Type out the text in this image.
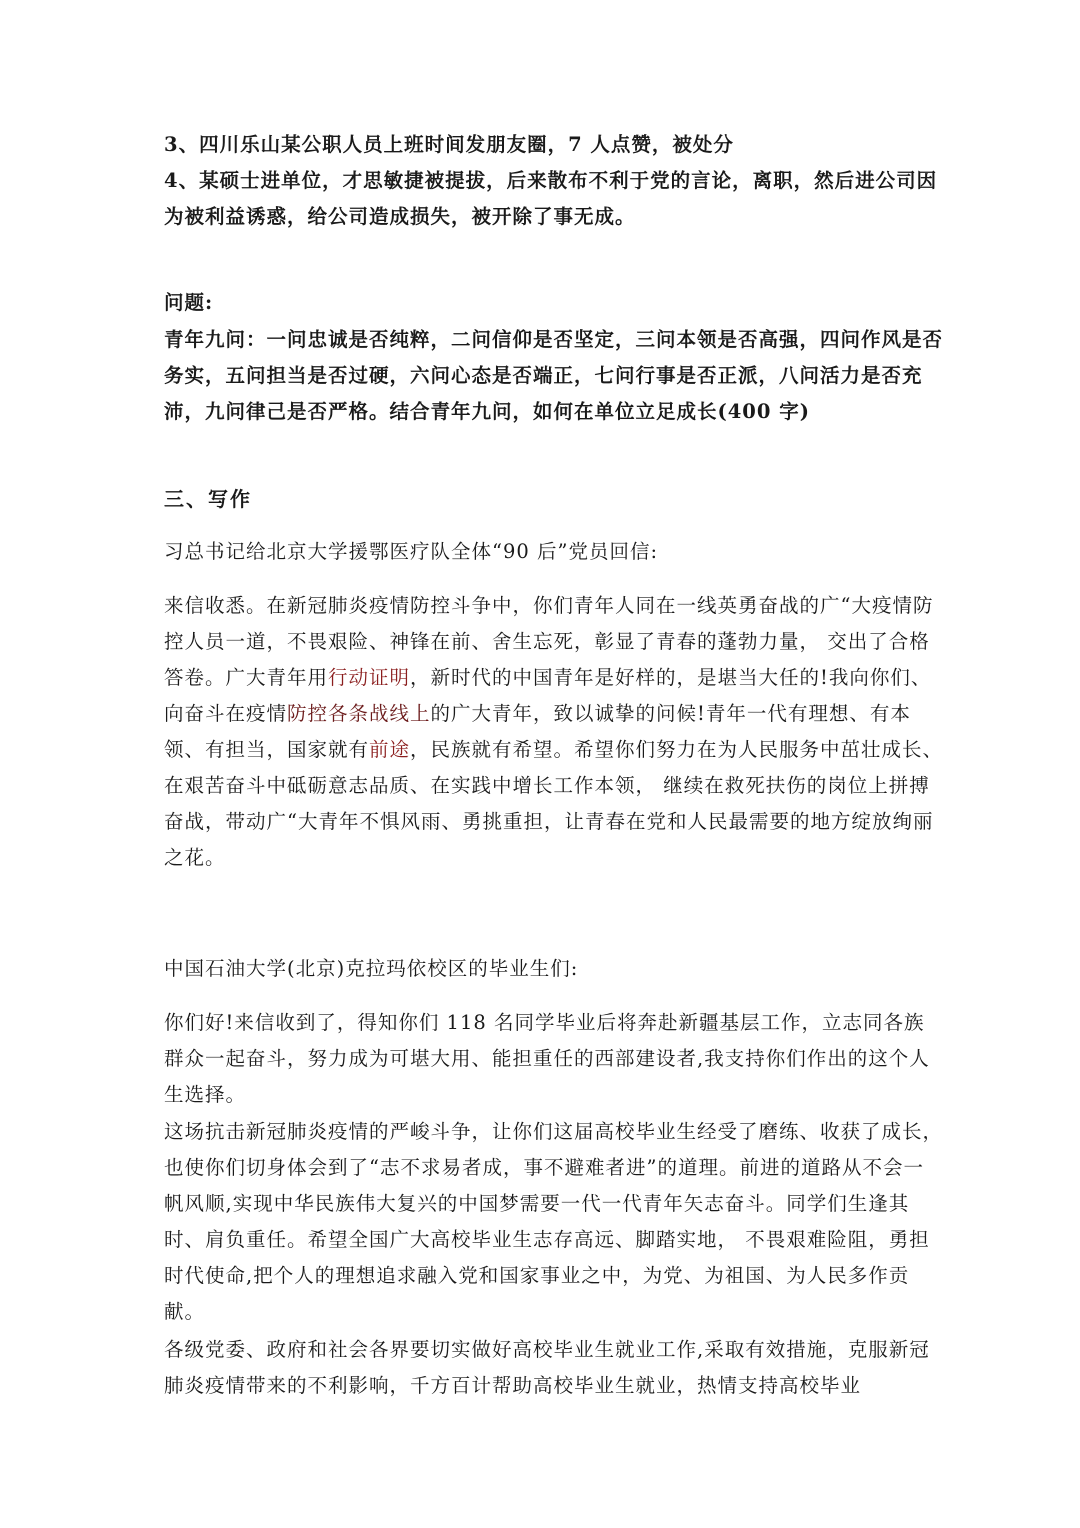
3、四川乐山某公职人员上班时间发朋友圈，7 人点赞，被处分

4、某硕士进单位，才思敏捷被提拔，后来散布不利于党的言论，离职，然后进公司因为被利益诱惑，给公司造成损失，被开除了事无成。

问题:

青年九问：一问忠诚是否纯粹，二问信仰是否坚定，三问本领是否高强，四问作风是否务实，五问担当是否过硬，六问心态是否端正，七问行事是否正派，八问活力是否充沛，九问律己是否严格。结合青年九问，如何在单位立足成长(400 字)

三、写作

习总书记给北京大学援鄂医疗队全体“90 后”党员回信:

来信收悉。在新冠肺炎疫情防控斗争中，你们青年人同在一线英勇奋战的广“大疫情防控人员一道，不畏艰险、神锋在前、舍生忘死，彰显了青春的蓬勃力量， 交出了合格答卷。广大青年用行动证明，新时代的中国青年是好样的，是堪当大任的!我向你们、向奋斗在疫情防控各条战线上的广大青年，致以诚挚的问候!青年一代有理想、有本领、有担当，国家就有前途，民族就有希望。希望你们努力在为人民服务中茁壮成长、在艰苦奋斗中砥砺意志品质、在实践中增长工作本领， 继续在救死扶伤的岗位上拼搏奋战，带动广“大青年不惧风雨、勇挑重担，让青春在党和人民最需要的地方绽放绚丽之花。

中国石油大学(北京)克拉玛依校区的毕业生们:

你们好!来信收到了，得知你们 118 名同学毕业后将奔赴新疆基层工作，立志同各族群众一起奋斗，努力成为可堪大用、能担重任的西部建设者,我支持你们作出的这个人生选择。

这场抗击新冠肺炎疫情的严峻斗争，让你们这届高校毕业生经受了磨练、收获了成长，也使你们切身体会到了“志不求易者成，事不避难者进”的道理。前进的道路从不会一帆风顺,实现中华民族伟大复兴的中国梦需要一代一代青年矢志奋斗。同学们生逢其时、肩负重任。希望全国广大高校毕业生志存高远、脚踏实地， 不畏艰难险阻，勇担时代使命,把个人的理想追求融入党和国家事业之中，为党、为祖国、为人民多作贡献。

各级党委、政府和社会各界要切实做好高校毕业生就业工作,采取有效措施，克服新冠肺炎疫情带来的不利影响，千方百计帮助高校毕业生就业，热情支持高校毕业
